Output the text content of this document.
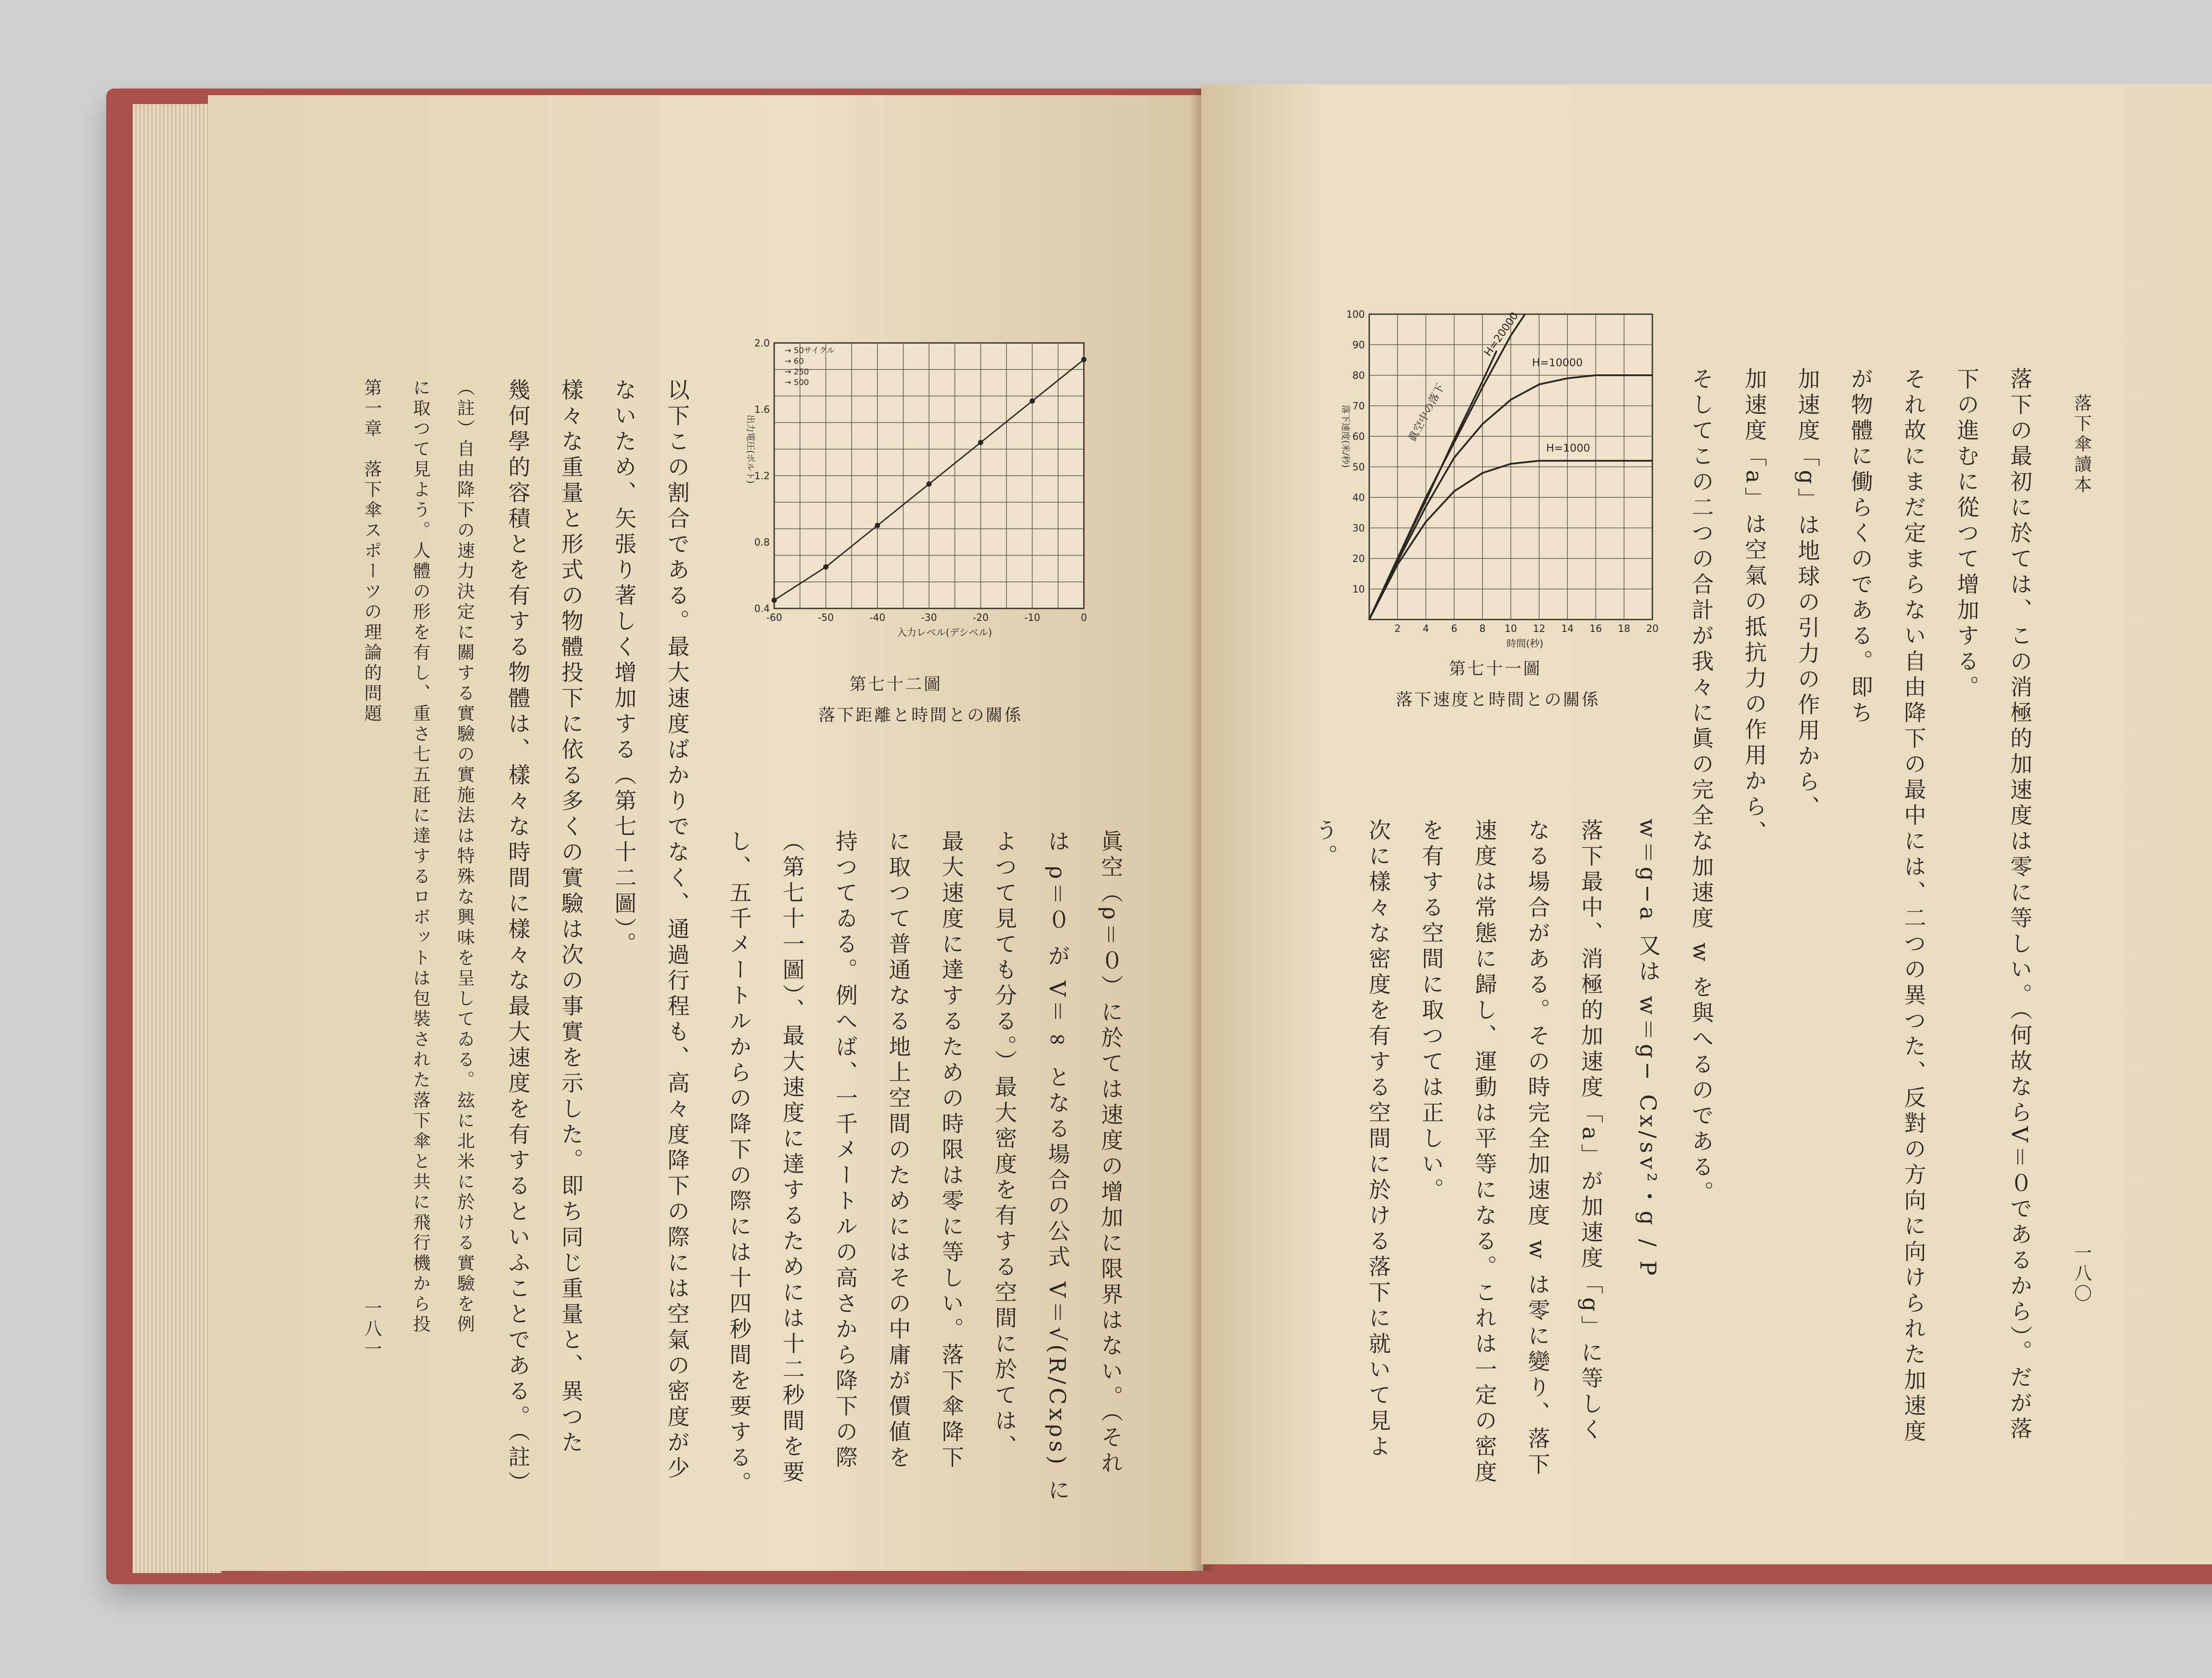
-60	-50	-40	-30	-20	-10	0
0.4
0.8
1.2
1.6
2.0
入力レベル(デシベル)
出力電圧(ボルト)
→ 50サイクル
→ 60
→ 250
→ 500
第七十二圖
落下距離と時間との關係
眞空（ρ＝０）に於ては速度の增加に限界はない。（それ
は ρ＝０ が V＝∞ となる場合の公式 V＝√(R/Cxρs) に
よつて見ても分る。）最大密度を有する空間に於ては、
最大速度に達するための時限は零に等しい。落下傘降下
に取つて普通なる地上空間のためにはその中庸が價値を
持つてゐる。例へば、一千メートルの高さから降下の際
（第七十一圖）、最大速度に達するためには十二秒間を要
し、五千メートルからの降下の際には十四秒間を要する。
以下この割合である。最大速度ばかりでなく、通過行程も、高々度降下の際には空氣の密度が少
ないため、矢張り著しく增加する（第七十二圖）。
樣々な重量と形式の物體投下に依る多くの實驗は次の事實を示した。即ち同じ重量と、異つた
幾何學的容積とを有する物體は、樣々な時間に樣々な最大速度を有するといふことである。（註）
（註）自由降下の速力決定に關する實驗の實施法は特殊な興味を呈してゐる。玆に北米に於ける實驗を例
に取つて見よう。人體の形を有し、重さ七五瓩に達するロボットは包裝された落下傘と共に飛行機から投
第一章　落下傘スポーツの理論的問題
一八一
落下傘讀本
一八〇
落下の最初に於ては、この消極的加速度は零に等しい。（何故ならV＝０であるから）。だが落
下の進むに從つて增加する。
それ故にまだ定まらない自由降下の最中には、二つの異つた、反對の方向に向けられた加速度
が物體に働らくのである。即ち
加速度「g」は地球の引力の作用から、
加速度「a」は空氣の抵抗力の作用から、
そしてこの二つの合計が我々に眞の完全な加速度 w を與へるのである。
w＝g−a 又は w＝g− Cx/sv²・g / P
落下最中、消極的加速度「a」が加速度「g」に等しく
なる場合がある。その時完全加速度 w は零に變り、落下
速度は常態に歸し、運動は平等になる。これは一定の密度
を有する空間に取つては正しい。
次に樣々な密度を有する空間に於ける落下に就いて見よ
う。
2 4 6 8 10 12 14 16 18 20
10
20
30
40
50
60
70
80
90
100
時間(秒)
落下速度(米/秒)	H=1000
H=10000
H=20000
眞空中の落下
第七十一圖
落下速度と時間との關係
